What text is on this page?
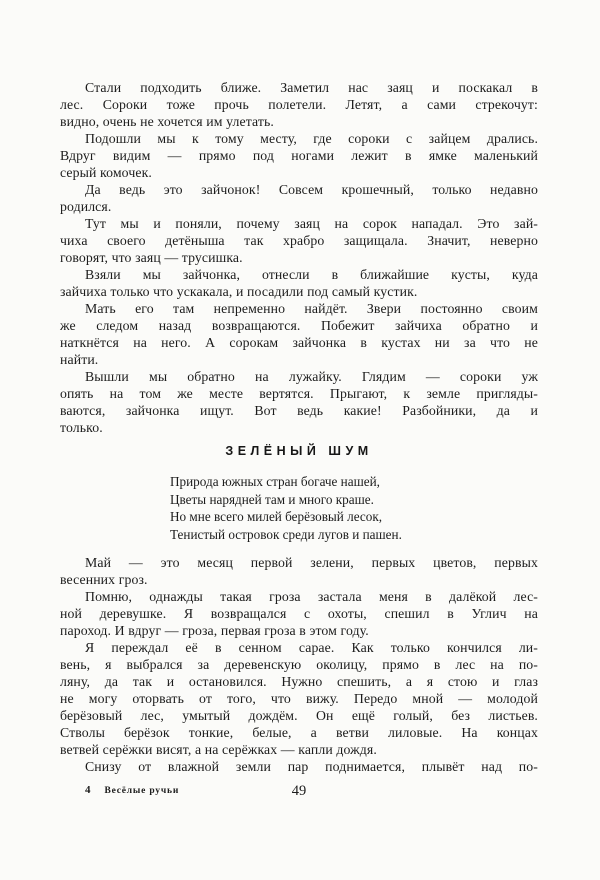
Стали подходить ближе. Заметил нас заяц и поскакал в
лес. Сороки тоже прочь полетели. Летят, а сами стрекочут:
видно, очень не хочется им улетать.
Подошли мы к тому месту, где сороки с зайцем дрались.
Вдруг видим — прямо под ногами лежит в ямке маленький
серый комочек.
Да ведь это зайчонок! Совсем крошечный, только недавно
родился.
Тут мы и поняли, почему заяц на сорок нападал. Это зай-
чиха своего детёныша так храбро защищала. Значит, неверно
говорят, что заяц — трусишка.
Взяли мы зайчонка, отнесли в ближайшие кусты, куда
зайчиха только что ускакала, и посадили под самый кустик.
Мать его там непременно найдёт. Звери постоянно своим
же следом назад возвращаются. Побежит зайчиха обратно и
наткнётся на него. А сорокам зайчонка в кустах ни за что не
найти.
Вышли мы обратно на лужайку. Глядим — сороки уж
опять на том же месте вертятся. Прыгают, к земле пригляды-
ваются, зайчонка ищут. Вот ведь какие! Разбойники, да и
только.
ЗЕЛЁНЫЙ ШУМ
Природа южных стран богаче нашей,
Цветы нарядней там и много краше.
Но мне всего милей берёзовый лесок,
Тенистый островок среди лугов и пашен.
Май — это месяц первой зелени, первых цветов, первых
весенних гроз.
Помню, однажды такая гроза застала меня в далёкой лес-
ной деревушке. Я возвращался с охоты, спешил в Углич на
пароход. И вдруг — гроза, первая гроза в этом году.
Я переждал её в сенном сарае. Как только кончился ли-
вень, я выбрался за деревенскую околицу, прямо в лес на по-
ляну, да так и остановился. Нужно спешить, а я стою и глаз
не могу оторвать от того, что вижу. Передо мной — молодой
берёзовый лес, умытый дождём. Он ещё голый, без листьев.
Стволы берёзок тонкие, белые, а ветви лиловые. На концах
ветвей серёжки висят, а на серёжках — капли дождя.
Снизу от влажной земли пар поднимается, плывёт над по-
4 Весёлые ручьи	49
